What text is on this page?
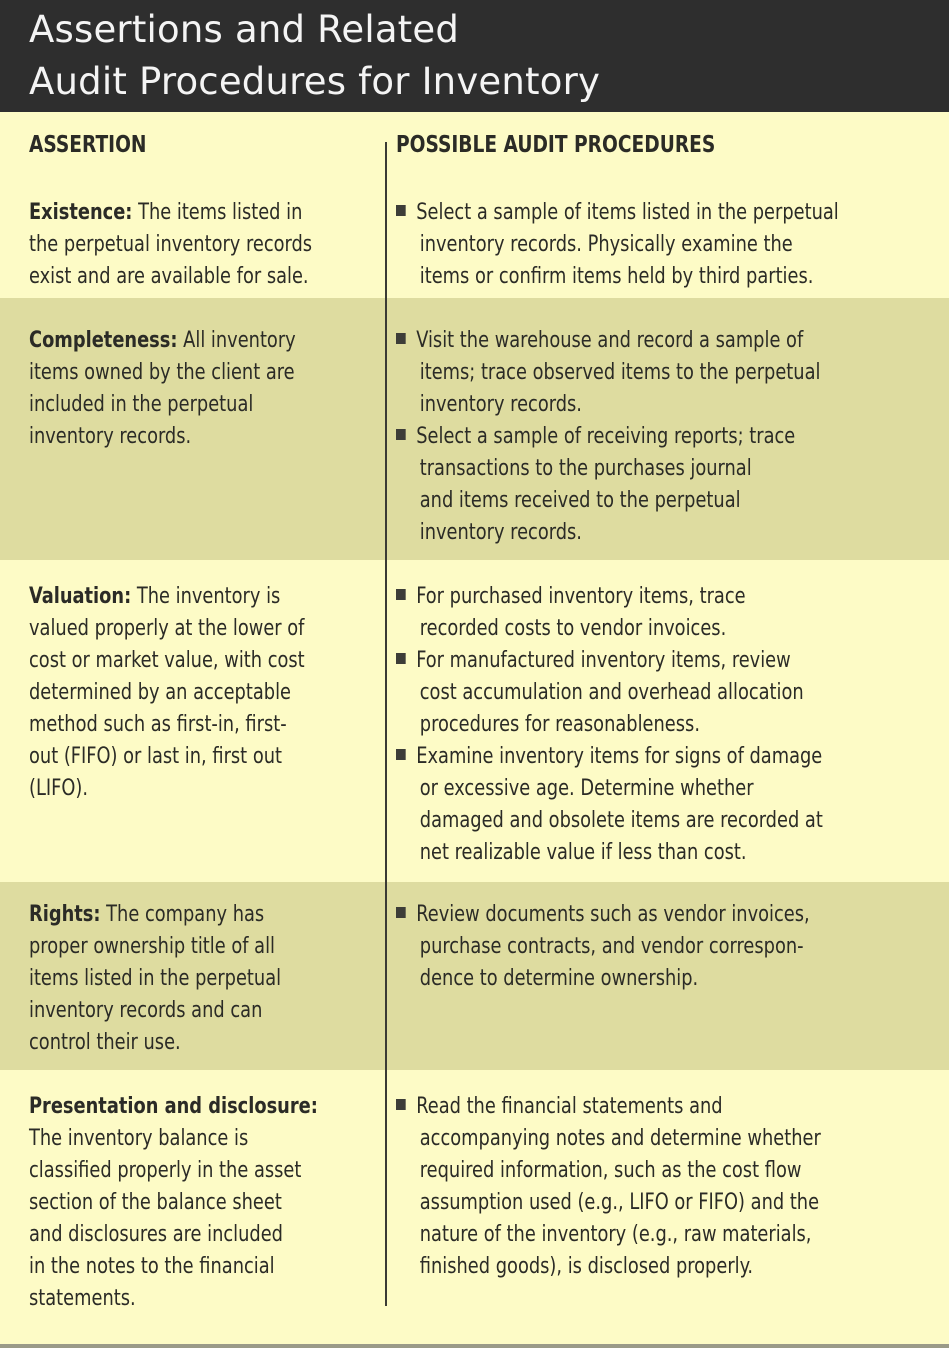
Assertions and Related
Audit Procedures for Inventory
ASSERTION	POSSIBLE AUDIT PROCEDURES
Existence: The items listed in
the perpetual inventory records
exist and are available for sale.
Select a sample of items listed in the perpetual
inventory records. Physically examine the
items or confirm items held by third parties.
Completeness: All inventory
items owned by the client are
included in the perpetual
inventory records.
Visit the warehouse and record a sample of
items; trace observed items to the perpetual
inventory records.
Select a sample of receiving reports; trace
transactions to the purchases journal
and items received to the perpetual
inventory records.
Valuation: The inventory is
valued properly at the lower of
cost or market value, with cost
determined by an acceptable
method such as first-in, first-
out (FIFO) or last in, first out
(LIFO).
For purchased inventory items, trace
recorded costs to vendor invoices.
For manufactured inventory items, review
cost accumulation and overhead allocation
procedures for reasonableness.
Examine inventory items for signs of damage
or excessive age. Determine whether
damaged and obsolete items are recorded at
net realizable value if less than cost.
Rights: The company has
proper ownership title of all
items listed in the perpetual
inventory records and can
control their use.
Review documents such as vendor invoices,
purchase contracts, and vendor correspon-
dence to determine ownership.
Presentation and disclosure:
The inventory balance is
classified properly in the asset
section of the balance sheet
and disclosures are included
in the notes to the financial
statements.
Read the financial statements and
accompanying notes and determine whether
required information, such as the cost flow
assumption used (e.g., LIFO or FIFO) and the
nature of the inventory (e.g., raw materials,
finished goods), is disclosed properly.
